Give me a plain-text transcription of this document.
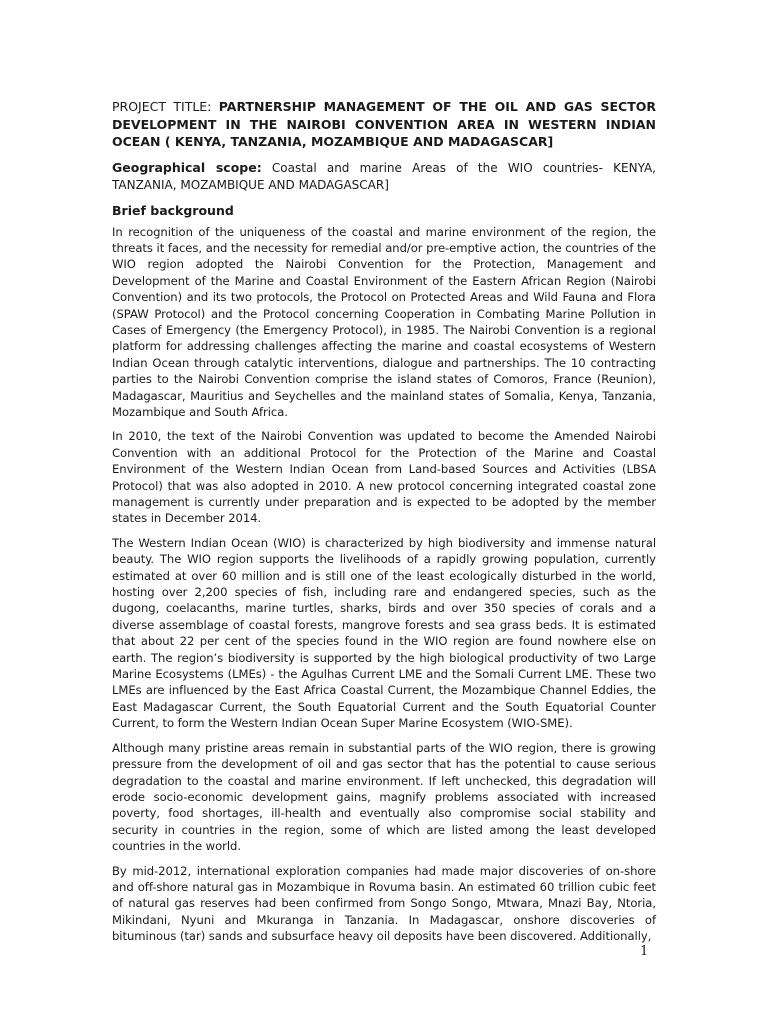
PROJECT TITLE: PARTNERSHIP MANAGEMENT OF THE OIL AND GAS SECTOR DEVELOPMENT IN THE NAIROBI CONVENTION AREA IN WESTERN INDIAN OCEAN ( KENYA, TANZANIA, MOZAMBIQUE AND MADAGASCAR]

Geographical scope: Coastal and marine Areas of the WIO countries- KENYA, TANZANIA, MOZAMBIQUE AND MADAGASCAR]

Brief background

In recognition of the uniqueness of the coastal and marine environment of the region, the threats it faces, and the necessity for remedial and/or pre-emptive action, the countries of the WIO region adopted the Nairobi Convention for the Protection, Management and Development of the Marine and Coastal Environment of the Eastern African Region (Nairobi Convention) and its two protocols, the Protocol on Protected Areas and Wild Fauna and Flora (SPAW Protocol) and the Protocol concerning Cooperation in Combating Marine Pollution in Cases of Emergency (the Emergency Protocol), in 1985. The Nairobi Convention is a regional platform for addressing challenges affecting the marine and coastal ecosystems of Western Indian Ocean through catalytic interventions, dialogue and partnerships. The 10 contracting parties to the Nairobi Convention comprise the island states of Comoros, France (Reunion), Madagascar, Mauritius and Seychelles and the mainland states of Somalia, Kenya, Tanzania, Mozambique and South Africa.

In 2010, the text of the Nairobi Convention was updated to become the Amended Nairobi Convention with an additional Protocol for the Protection of the Marine and Coastal Environment of the Western Indian Ocean from Land-based Sources and Activities (LBSA Protocol) that was also adopted in 2010. A new protocol concerning integrated coastal zone management is currently under preparation and is expected to be adopted by the member states in December 2014.

The Western Indian Ocean (WIO) is characterized by high biodiversity and immense natural beauty. The WIO region supports the livelihoods of a rapidly growing population, currently estimated at over 60 million and is still one of the least ecologically disturbed in the world, hosting over 2,200 species of fish, including rare and endangered species, such as the dugong, coelacanths, marine turtles, sharks, birds and over 350 species of corals and a diverse assemblage of coastal forests, mangrove forests and sea grass beds. It is estimated that about 22 per cent of the species found in the WIO region are found nowhere else on earth. The region’s biodiversity is supported by the high biological productivity of two Large Marine Ecosystems (LMEs) - the Agulhas Current LME and the Somali Current LME. These two LMEs are influenced by the East Africa Coastal Current, the Mozambique Channel Eddies, the East Madagascar Current, the South Equatorial Current and the South Equatorial Counter Current, to form the Western Indian Ocean Super Marine Ecosystem (WIO-SME).

Although many pristine areas remain in substantial parts of the WIO region, there is growing pressure from the development of oil and gas sector that has the potential to cause serious degradation to the coastal and marine environment. If left unchecked, this degradation will erode socio-economic development gains, magnify problems associated with increased poverty, food shortages, ill-health and eventually also compromise social stability and security in countries in the region, some of which are listed among the least developed countries in the world.

By mid-2012, international exploration companies had made major discoveries of on-shore and off-shore natural gas in Mozambique in Rovuma basin. An estimated 60 trillion cubic feet of natural gas reserves had been confirmed from Songo Songo, Mtwara, Mnazi Bay, Ntoria, Mikindani, Nyuni and Mkuranga in Tanzania. In Madagascar, onshore discoveries of bituminous (tar) sands and subsurface heavy oil deposits have been discovered. Additionally,

1
